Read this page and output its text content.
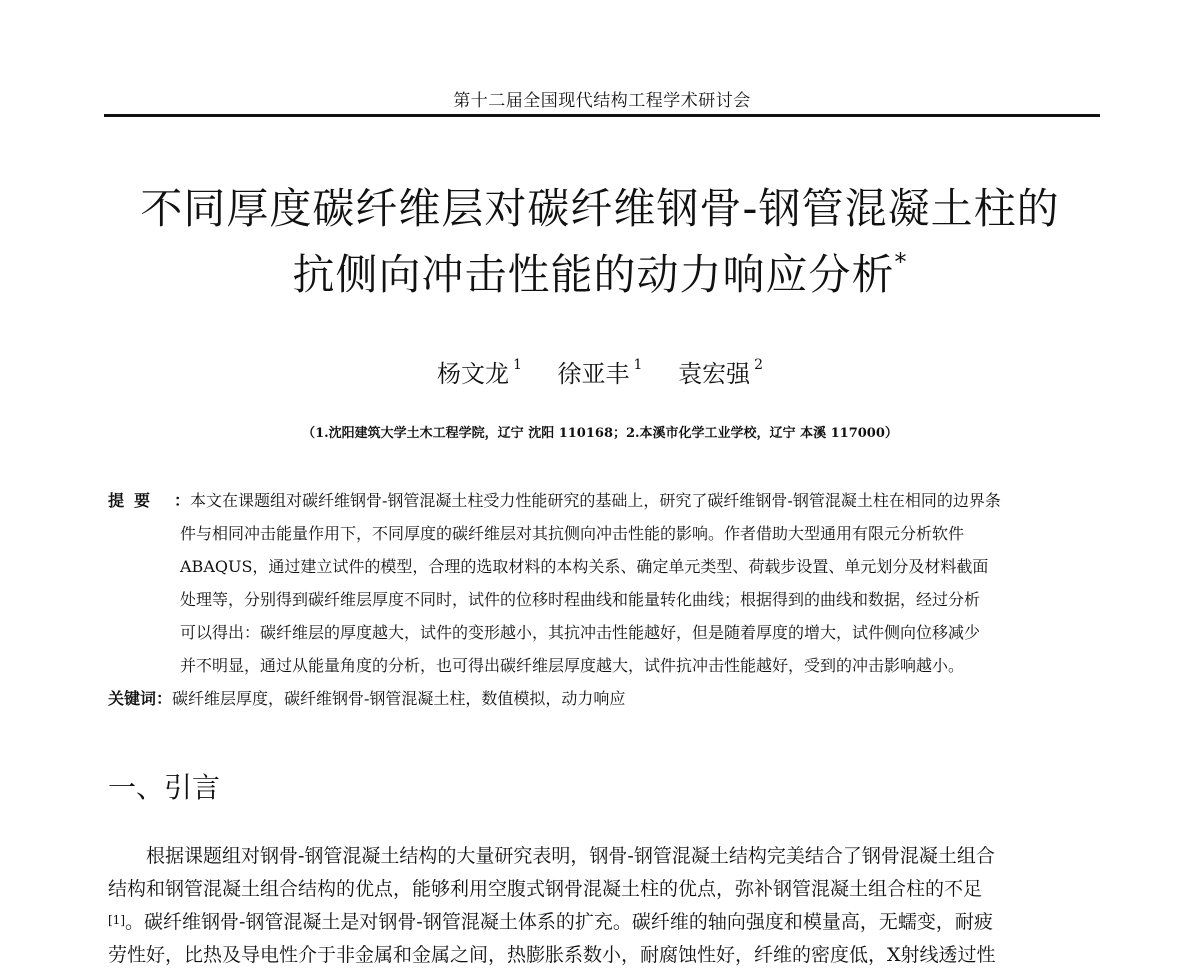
第十二届全国现代结构工程学术研讨会
不同厚度碳纤维层对碳纤维钢骨-钢管混凝土柱的
抗侧向冲击性能的动力响应分析*
杨文龙 $^1$ 徐亚丰 $^1$ 袁宏强 $^2$
（1.沈阳建筑大学土木工程学院，辽宁 沈阳 110168；2.本溪市化学工业学校，辽宁 本溪 117000）
提要 ：本文在课题组对碳纤维钢骨-钢管混凝土柱受力性能研究的基础上，研究了碳纤维钢骨-钢管混凝土柱在相同的边界条
件与相同冲击能量作用下，不同厚度的碳纤维层对其抗侧向冲击性能的影响。作者借助大型通用有限元分析软件
ABAQUS，通过建立试件的模型，合理的选取材料的本构关系、确定单元类型、荷载步设置、单元划分及材料截面
处理等，分别得到碳纤维层厚度不同时，试件的位移时程曲线和能量转化曲线；根据得到的曲线和数据，经过分析
可以得出：碳纤维层的厚度越大，试件的变形越小，其抗冲击性能越好，但是随着厚度的增大，试件侧向位移减少
并不明显，通过从能量角度的分析，也可得出碳纤维层厚度越大，试件抗冲击性能越好，受到的冲击影响越小。
关键词：碳纤维层厚度，碳纤维钢骨-钢管混凝土柱，数值模拟，动力响应
一、引言
根据课题组对钢骨-钢管混凝土结构的大量研究表明，钢骨-钢管混凝土结构完美结合了钢骨混凝土组合
结构和钢管混凝土组合结构的优点，能够利用空腹式钢骨混凝土柱的优点，弥补钢管混凝土组合柱的不足
[1]。碳纤维钢骨-钢管混凝土是对钢骨-钢管混凝土体系的扩充。碳纤维的轴向强度和模量高，无蠕变，耐疲
劳性好，比热及导电性介于非金属和金属之间，热膨胀系数小，耐腐蚀性好，纤维的密度低，X射线透过性
